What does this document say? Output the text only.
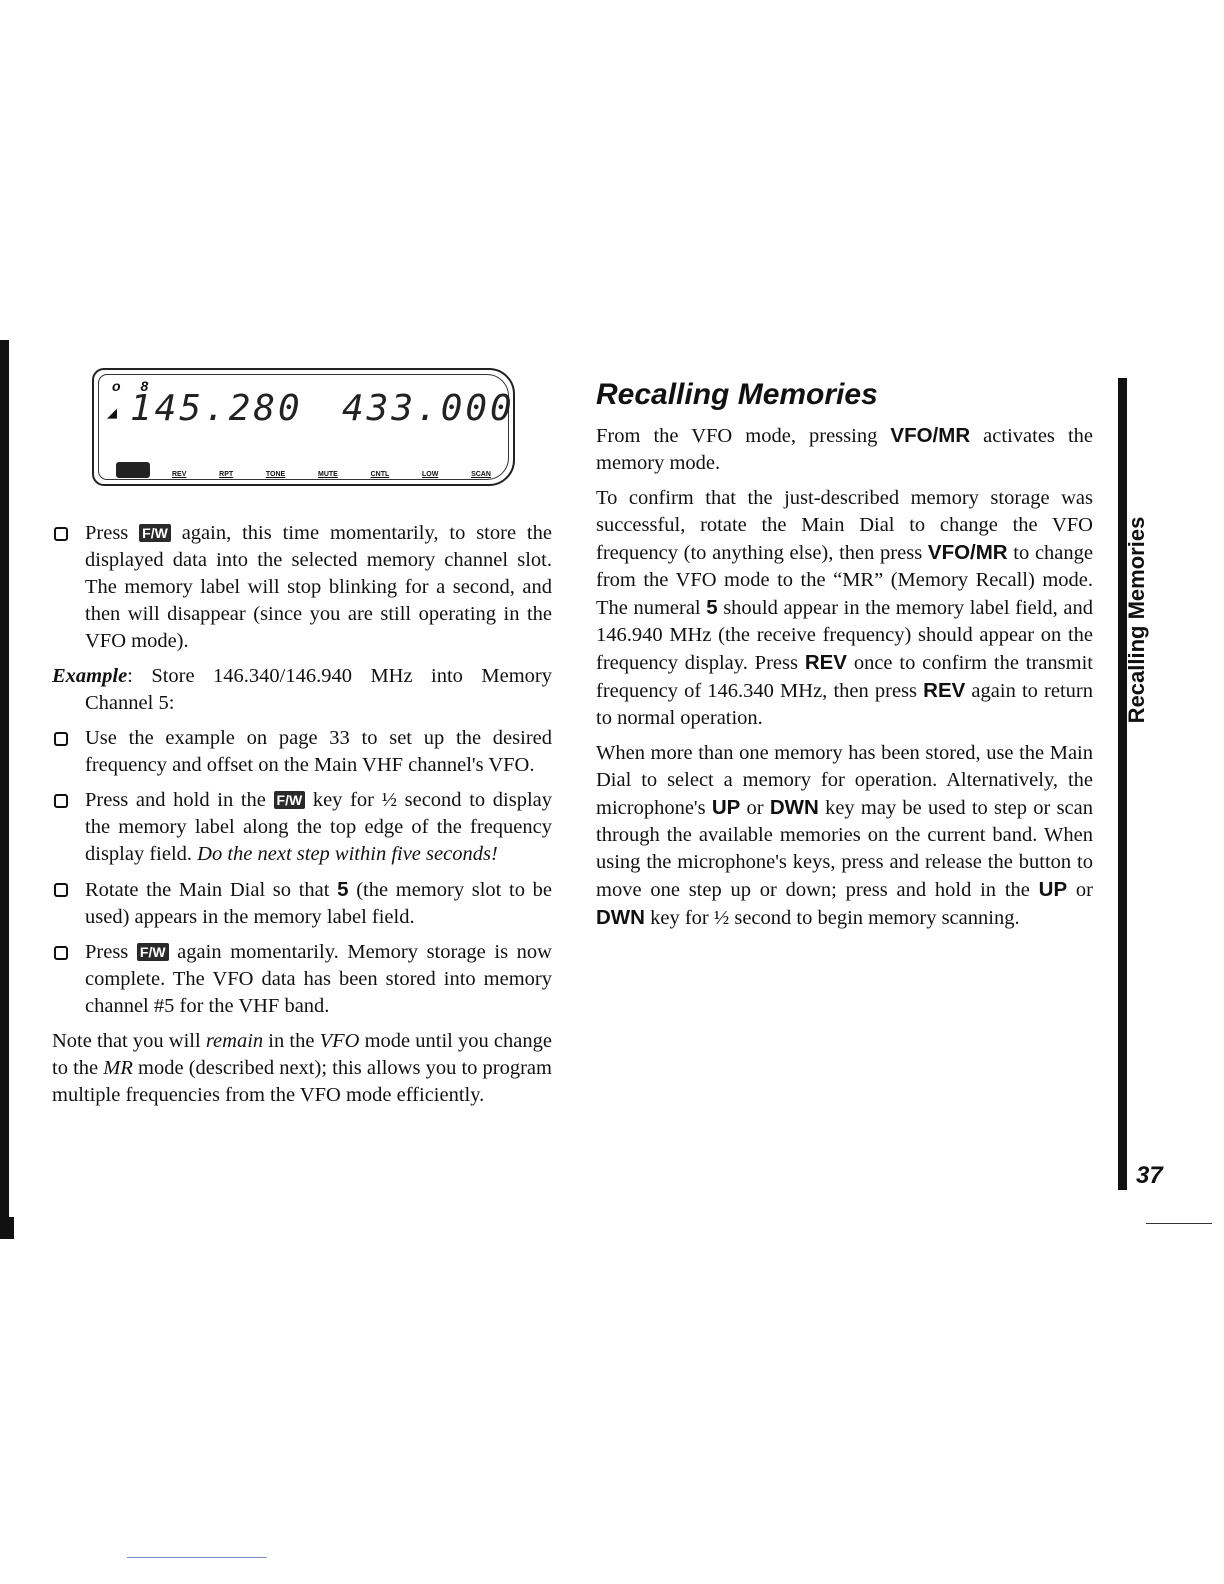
o 8
◢ 145.280 433.000
REV	RPT	TONE	MUTE	CNTL	LOW	SCAN
Press F/W again, this time momentarily, to store the displayed data into the selected memory channel slot. The memory label will stop blinking for a second, and then will disappear (since you are still operating in the VFO mode).

Example: Store 146.340/146.940 MHz into Memory Channel 5:

Use the example on page 33 to set up the desired frequency and offset on the Main VHF channel's VFO.
Press and hold in the F/W key for ½ second to display the memory label along the top edge of the frequency display field. Do the next step within five seconds!
Rotate the Main Dial so that 5 (the memory slot to be used) appears in the memory label field.
Press F/W again momentarily. Memory storage is now complete. The VFO data has been stored into memory channel #5 for the VHF band.

Note that you will remain in the VFO mode until you change to the MR mode (described next); this allows you to program multiple frequencies from the VFO mode efficiently.

Recalling Memories

From the VFO mode, pressing VFO/MR activates the memory mode.

To confirm that the just-described memory storage was successful, rotate the Main Dial to change the VFO frequency (to anything else), then press VFO/MR to change from the VFO mode to the “MR” (Memory Recall) mode. The numeral 5 should appear in the memory label field, and 146.940 MHz (the receive frequency) should appear on the frequency display. Press REV once to confirm the transmit frequency of 146.340 MHz, then press REV again to return to normal operation.

When more than one memory has been stored, use the Main Dial to select a memory for operation. Alternatively, the microphone's UP or DWN key may be used to step or scan through the available memories on the current band. When using the microphone's keys, press and release the button to move one step up or down; press and hold in the UP or DWN key for ½ second to begin memory scanning.

Recalling Memories
37
